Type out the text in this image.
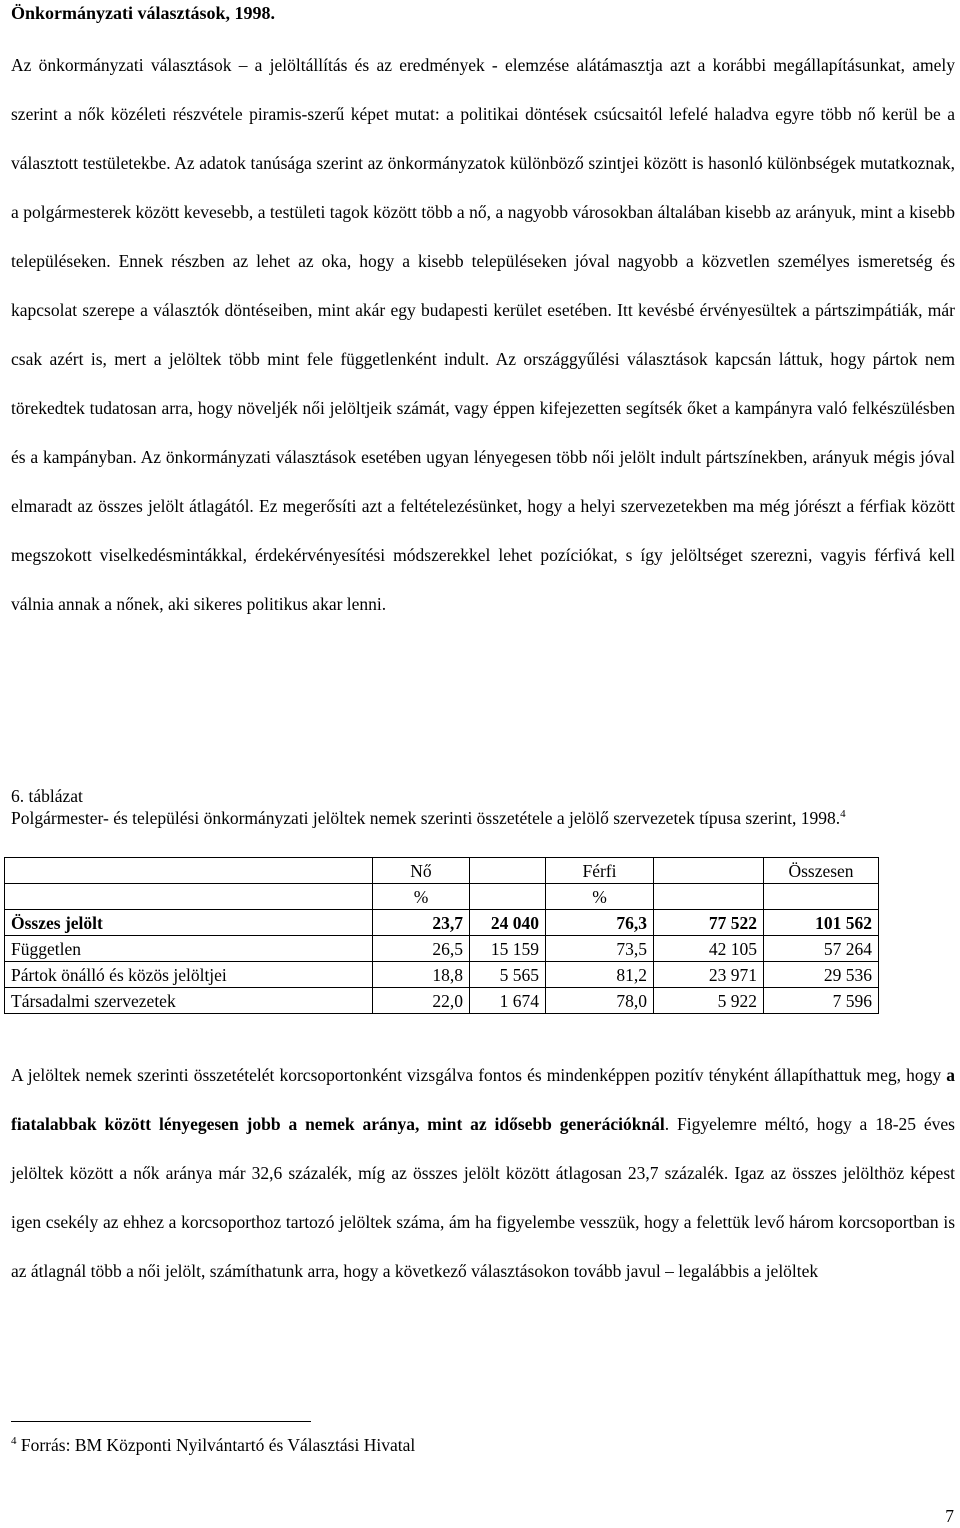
Önkormányzati választások, 1998.
Az önkormányzati választások – a jelöltállítás és az eredmények - elemzése alátámasztja azt a korábbi megállapításunkat, amely szerint a nők közéleti részvétele piramis-szerű képet mutat: a politikai döntések csúcsaitól lefelé haladva egyre több nő kerül be a választott testületekbe. Az adatok tanúsága szerint az önkormányzatok különböző szintjei között is hasonló különbségek mutatkoznak, a polgármesterek között kevesebb, a testületi tagok között több a nő, a nagyobb városokban általában kisebb az arányuk, mint a kisebb településeken. Ennek részben az lehet az oka, hogy a kisebb településeken jóval nagyobb a közvetlen személyes ismeretség és kapcsolat szerepe a választók döntéseiben, mint akár egy budapesti kerület esetében. Itt kevésbé érvényesültek a pártszimpátiák, már csak azért is, mert a jelöltek több mint fele függetlenként indult. Az országgyűlési választások kapcsán láttuk, hogy pártok nem törekedtek tudatosan arra, hogy növeljék női jelöltjeik számát, vagy éppen kifejezetten segítsék őket a kampányra való felkészülésben és a kampányban. Az önkormányzati választások esetében ugyan lényegesen több női jelölt indult pártszínekben, arányuk mégis jóval elmaradt az összes jelölt átlagától. Ez megerősíti azt a feltételezésünket, hogy a helyi szervezetekben ma még jórészt a férfiak között megszokott viselkedésmintákkal, érdekérvényesítési módszerekkel lehet pozíciókat, s így jelöltséget szerezni, vagyis férfivá kell válnia annak a nőnek, aki sikeres politikus akar lenni.
6. táblázat
Polgármester- és települési önkormányzati jelöltek nemek szerinti összetétele a jelölő szervezetek típusa szerint, 1998.$^4$
	Nő		Férfi		Összesen
	%		%		
Összes jelölt	23,7	24 040	76,3	77 522	101 562
Független	26,5	15 159	73,5	42 105	57 264
Pártok önálló és közös jelöltjei	18,8	5 565	81,2	23 971	29 536
Társadalmi szervezetek	22,0	1 674	78,0	5 922	7 596
A jelöltek nemek szerinti összetételét korcsoportonként vizsgálva fontos és mindenképpen pozitív tényként állapíthattuk meg, hogy a fiatalabbak között lényegesen jobb a nemek aránya, mint az idősebb generációknál. Figyelemre méltó, hogy a 18-25 éves jelöltek között a nők aránya már 32,6 százalék, míg az összes jelölt között átlagosan 23,7 százalék. Igaz az összes jelölthöz képest igen csekély az ehhez a korcsoporthoz tartozó jelöltek száma, ám ha figyelembe vesszük, hogy a felettük levő három korcsoportban is az átlagnál több a női jelölt, számíthatunk arra, hogy a következő választásokon tovább javul – legalábbis a jelöltek
$^4$ Forrás: BM Központi Nyilvántartó és Választási Hivatal
7
